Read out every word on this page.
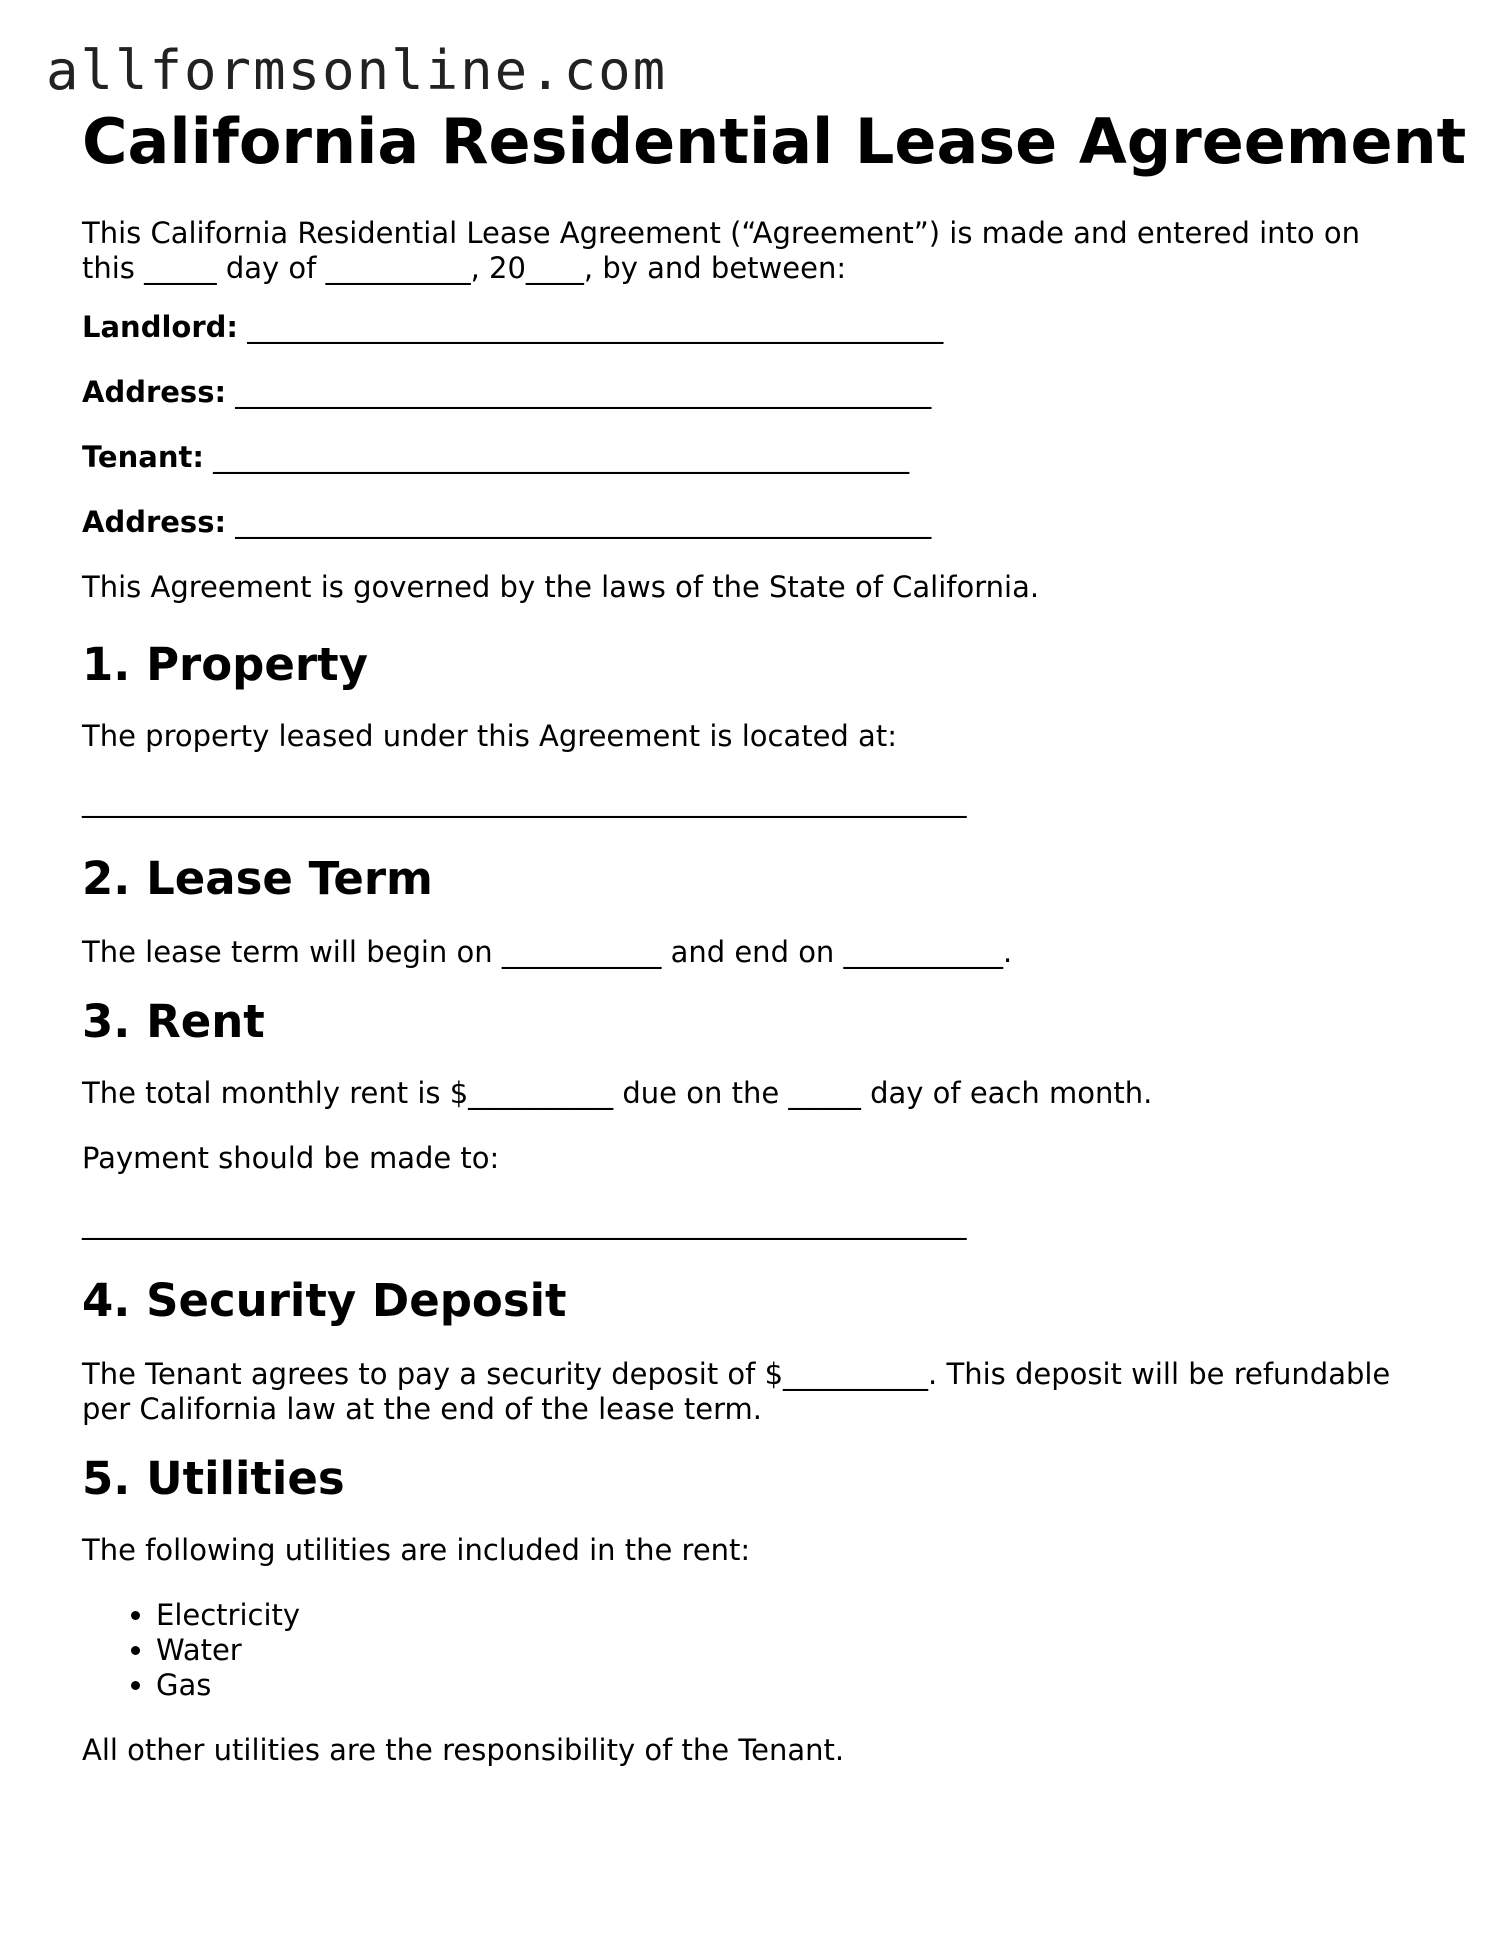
allformsonline.com
California Residential Lease Agreement

This California Residential Lease Agreement (“Agreement”) is made and entered into on
this _____ day of __________, 20____, by and between:

Landlord: ________________________________________________

Address: ________________________________________________

Tenant: ________________________________________________

Address: ________________________________________________

This Agreement is governed by the laws of the State of California.

1. Property

The property leased under this Agreement is located at:

_____________________________________________________________
2. Lease Term

The lease term will begin on ___________ and end on ___________.

3. Rent

The total monthly rent is $__________ due on the _____ day of each month.

Payment should be made to:

_____________________________________________________________
4. Security Deposit

The Tenant agrees to pay a security deposit of $__________. This deposit will be refundable
per California law at the end of the lease term.

5. Utilities

The following utilities are included in the rent:

• Electricity
• Water
• Gas

All other utilities are the responsibility of the Tenant.
